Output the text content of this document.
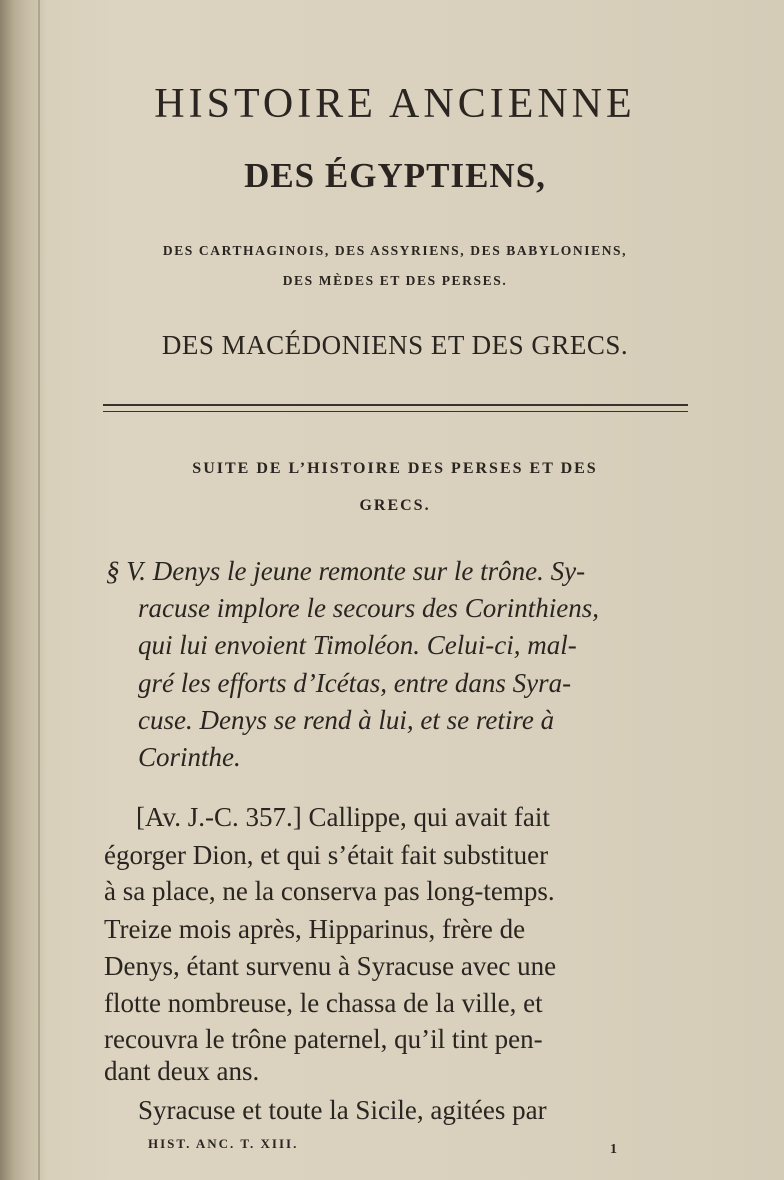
HISTOIRE ANCIENNE
DES ÉGYPTIENS,
DES CARTHAGINOIS, DES ASSYRIENS, DES BABYLONIENS,
DES MÈDES ET DES PERSES.
DES MACÉDONIENS ET DES GRECS.
SUITE DE L’HISTOIRE DES PERSES ET DES
GRECS.
§ V. Denys le jeune remonte sur le trône. Sy-
racuse implore le secours des Corinthiens,
qui lui envoient Timoléon. Celui-ci, mal-
gré les efforts d’Icétas, entre dans Syra-
cuse. Denys se rend à lui, et se retire à
Corinthe.
[Av. J.-C. 357.] Callippe, qui avait fait
égorger Dion, et qui s’était fait substituer
à sa place, ne la conserva pas long-temps.
Treize mois après, Hipparinus, frère de
Denys, étant survenu à Syracuse avec une
flotte nombreuse, le chassa de la ville, et
recouvra le trône paternel, qu’il tint pen-
dant deux ans.
Syracuse et toute la Sicile, agitées par
HIST. ANC. T. XIII.	1
